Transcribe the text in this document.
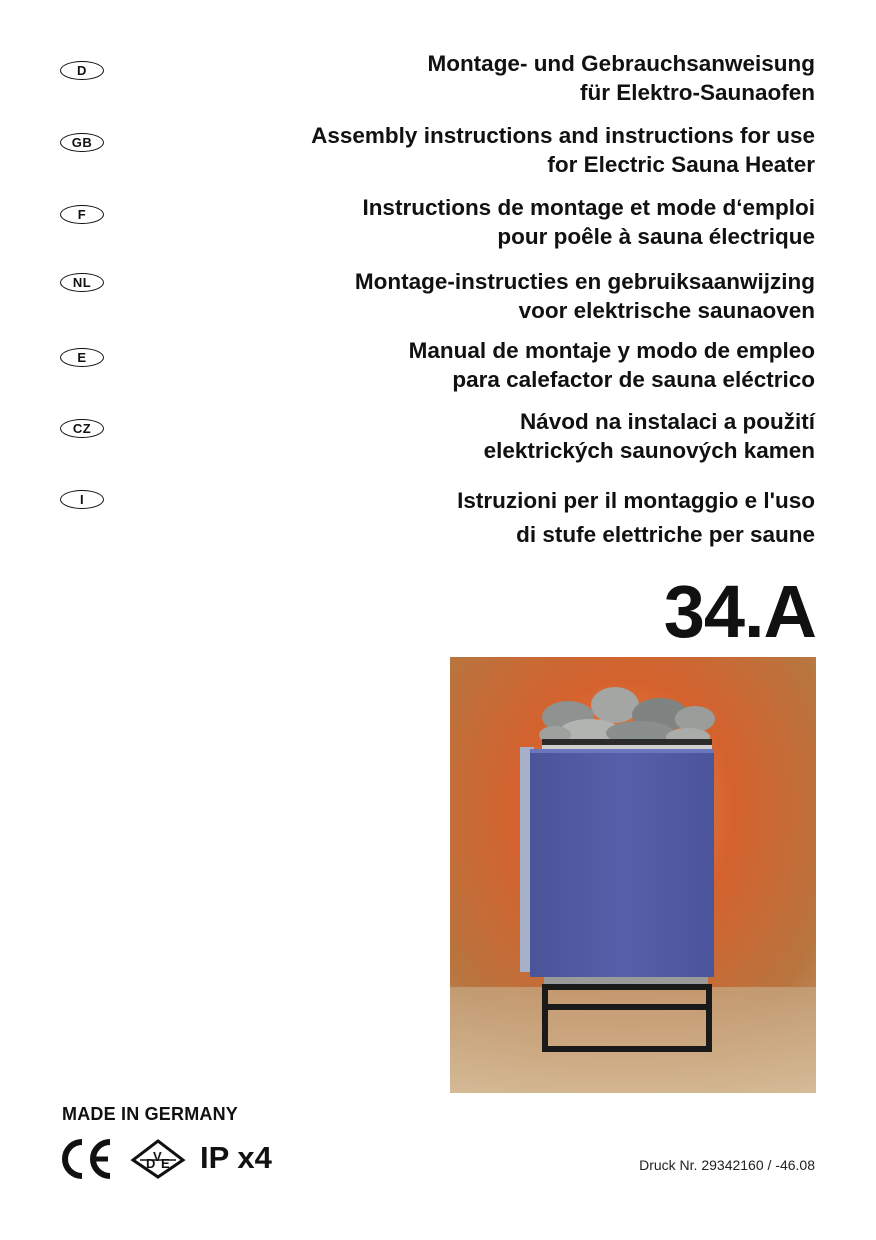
D	Montage- und Gebrauchsanweisung
für Elektro-Saunaofen
GB	Assembly instructions and instructions for use
for Electric Sauna Heater
F	Instructions de montage et mode d‘emploi
pour poêle à sauna électrique
NL	Montage-instructies en gebruiksaanwijzing
voor elektrische saunaoven
E	Manual de montaje y modo de empleo
para calefactor de sauna eléctrico
CZ	Návod na instalaci a použití
elektrických saunových kamen
I	Istruzioni per il montaggio e l'uso
di stufe elettriche per saune
34.A
MADE IN GERMANY
D
V E IP x4	Druck Nr. 29342160 / -46.08
